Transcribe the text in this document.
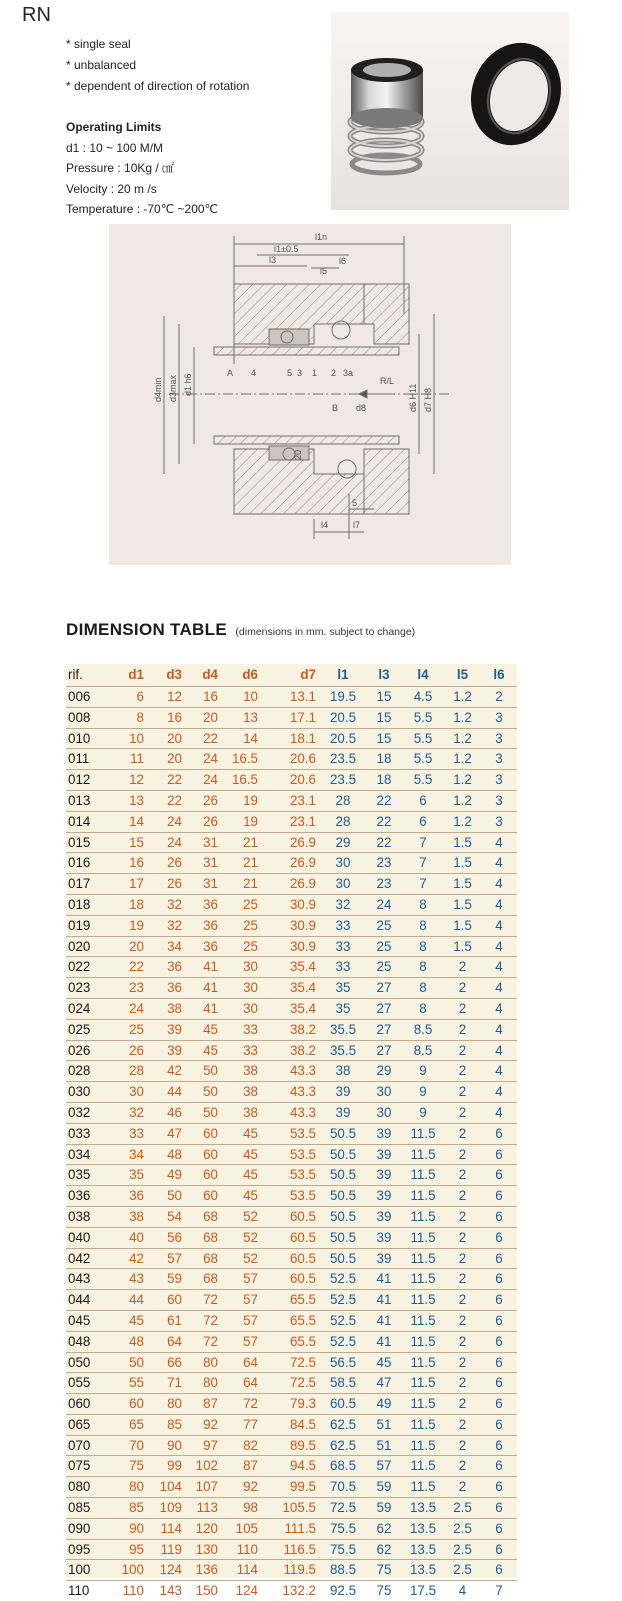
RN
* single seal
* unbalanced
* dependent of direction of rotation
Operating Limits
d1 : 10 ~ 100 M/M
Pressure : 10Kg / ㎠
Velocity : 20 m /s
Temperature : -70℃ ~200℃
l1n
l1±0.5
l3
l5
l6
A 4	5 3 1 2 3a
R/L
B d8
d4min d3max d1 h6	d6 H11 d7 H8
20
5
l4	l7
DIMENSION TABLE (dimensions in mm. subject to change)
rif.	d1	d3	d4	d6	d7	l1	l3	l4	l5	l6
006	6	12	16	10	13.1	19.5	15	4.5	1.2	2
008	8	16	20	13	17.1	20.5	15	5.5	1.2	3
010	10	20	22	14	18.1	20.5	15	5.5	1.2	3
011	11	20	24	16.5	20.6	23.5	18	5.5	1.2	3
012	12	22	24	16.5	20.6	23.5	18	5.5	1.2	3
013	13	22	26	19	23.1	28	22	6	1.2	3
014	14	24	26	19	23.1	28	22	6	1.2	3
015	15	24	31	21	26.9	29	22	7	1.5	4
016	16	26	31	21	26.9	30	23	7	1.5	4
017	17	26	31	21	26.9	30	23	7	1.5	4
018	18	32	36	25	30.9	32	24	8	1.5	4
019	19	32	36	25	30.9	33	25	8	1.5	4
020	20	34	36	25	30.9	33	25	8	1.5	4
022	22	36	41	30	35.4	33	25	8	2	4
023	23	36	41	30	35.4	35	27	8	2	4
024	24	38	41	30	35.4	35	27	8	2	4
025	25	39	45	33	38.2	35.5	27	8.5	2	4
026	26	39	45	33	38.2	35.5	27	8.5	2	4
028	28	42	50	38	43.3	38	29	9	2	4
030	30	44	50	38	43.3	39	30	9	2	4
032	32	46	50	38	43.3	39	30	9	2	4
033	33	47	60	45	53.5	50.5	39	11.5	2	6
034	34	48	60	45	53.5	50.5	39	11.5	2	6
035	35	49	60	45	53.5	50.5	39	11.5	2	6
036	36	50	60	45	53.5	50.5	39	11.5	2	6
038	38	54	68	52	60.5	50.5	39	11.5	2	6
040	40	56	68	52	60.5	50.5	39	11.5	2	6
042	42	57	68	52	60.5	50.5	39	11.5	2	6
043	43	59	68	57	60.5	52.5	41	11.5	2	6
044	44	60	72	57	65.5	52.5	41	11.5	2	6
045	45	61	72	57	65.5	52.5	41	11.5	2	6
048	48	64	72	57	65.5	52.5	41	11.5	2	6
050	50	66	80	64	72.5	56.5	45	11.5	2	6
055	55	71	80	64	72.5	58.5	47	11.5	2	6
060	60	80	87	72	79.3	60.5	49	11.5	2	6
065	65	85	92	77	84.5	62.5	51	11.5	2	6
070	70	90	97	82	89.5	62.5	51	11.5	2	6
075	75	99	102	87	94.5	68.5	57	11.5	2	6
080	80	104	107	92	99.5	70.5	59	11.5	2	6
085	85	109	113	98	105.5	72.5	59	13.5	2.5	6
090	90	114	120	105	111.5	75.5	62	13.5	2.5	6
095	95	119	130	110	116.5	75.5	62	13.5	2.5	6
100	100	124	136	114	119.5	88.5	75	13.5	2.5	6
110	110	143	150	124	132.2	92.5	75	17.5	4	7
